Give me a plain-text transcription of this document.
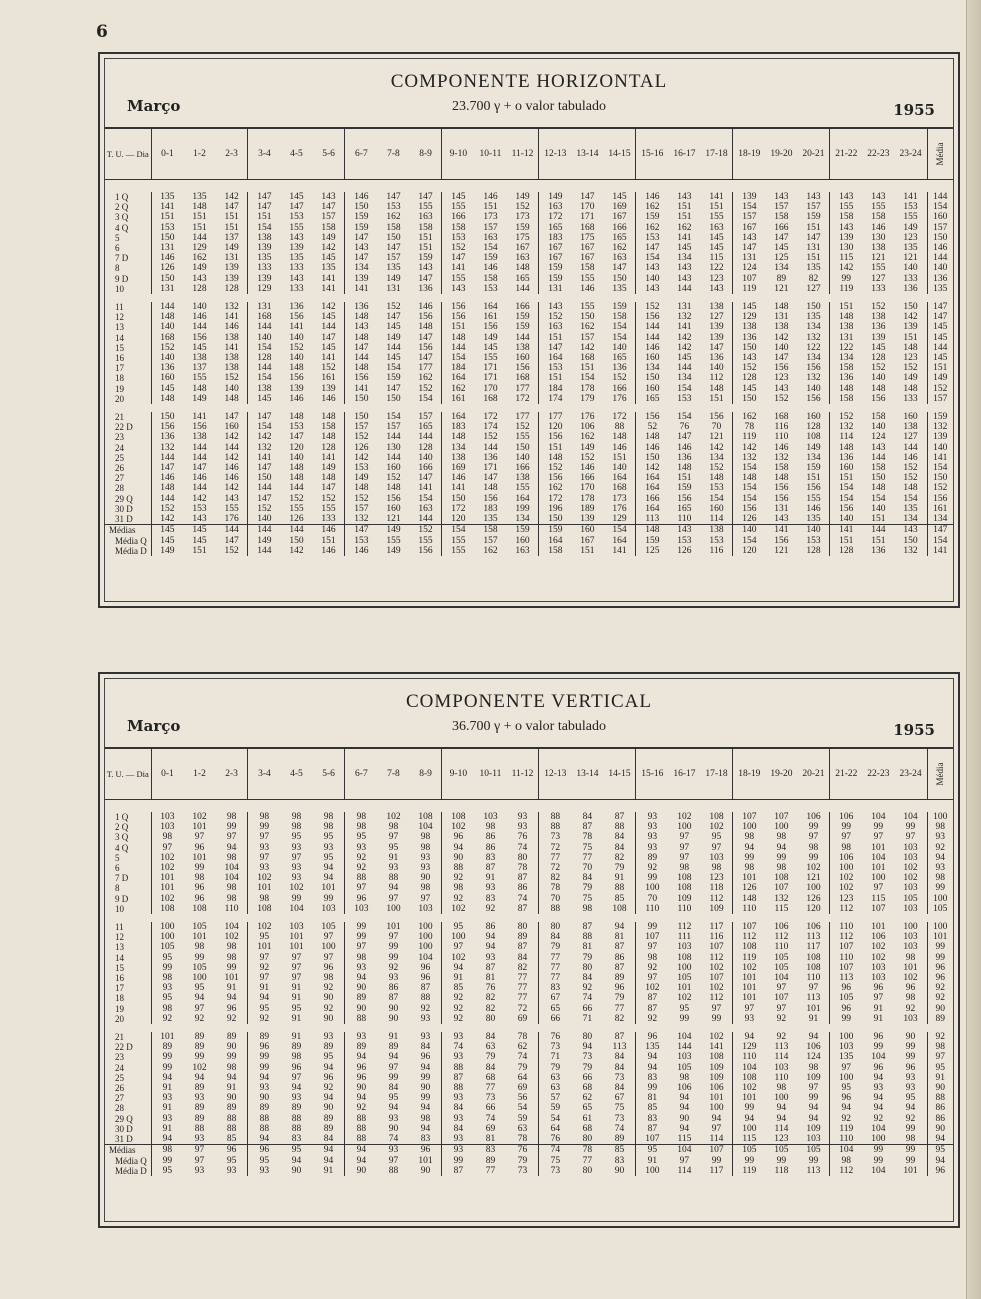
6
Março
COMPONENTE HORIZONTAL
23.700 γ + o valor tabulado	1955
T. U. — Dia	0-1	1-2	2-3	3-4	4-5	5-6	6-7	7-8	8-9	9-10	10-11	11-12	12-13	13-14	14-15	15-16	16-17	17-18	18-19	19-20	20-21	21-22	22-23	23-24	Média

1 Q	135	135	142	147	145	143	146	147	147	145	146	149	149	147	145	146	143	141	139	143	143	143	143	141	144
2 Q	141	148	147	147	147	147	150	153	155	155	151	152	163	170	169	162	151	151	154	157	157	155	155	153	154
3 Q	151	151	151	151	153	157	159	162	163	166	173	173	172	171	167	159	151	155	157	158	159	158	158	155	160
4 Q	153	151	151	154	155	158	159	158	158	158	157	159	165	168	166	162	162	163	167	166	151	143	146	149	157
5	150	144	137	138	143	149	147	150	151	153	163	175	183	175	165	153	141	145	143	147	147	139	130	123	150
6	131	129	149	139	139	142	143	147	151	152	154	167	167	167	162	147	145	145	147	145	131	130	138	135	146
7 D	146	162	131	135	135	145	147	157	159	147	159	163	167	167	163	154	134	115	131	125	151	115	121	121	144
8	126	149	139	133	133	135	134	135	143	141	146	148	159	158	147	143	143	122	124	134	135	142	155	140	140
9 D	150	143	139	139	143	141	139	149	147	155	158	165	159	155	150	140	143	123	107	89	82	99	127	133	136
10	131	128	128	129	133	141	141	131	136	143	153	144	131	146	135	143	144	143	119	121	127	119	133	136	135

11	144	140	132	131	136	142	136	152	146	156	164	166	143	155	159	152	131	138	145	148	150	151	152	150	147
12	148	146	141	168	156	145	148	147	156	156	161	159	152	150	158	156	132	127	129	131	135	148	138	142	147
13	140	144	146	144	141	144	143	145	148	151	156	159	163	162	154	144	141	139	138	138	134	138	136	139	145
14	168	156	138	140	140	147	148	149	147	148	149	144	151	157	154	144	142	139	136	142	132	131	139	151	145
15	152	145	141	154	152	145	147	144	156	144	145	138	147	142	140	146	142	147	150	140	122	122	145	148	144
16	140	138	138	128	140	141	144	145	147	154	155	160	164	168	165	160	145	136	143	147	134	134	128	123	145
17	136	137	138	144	148	152	148	154	177	184	171	156	153	151	136	134	144	140	152	156	156	158	152	152	151
18	160	155	152	154	156	161	156	159	162	164	171	168	151	154	152	150	134	112	128	123	132	136	140	149	149
19	145	148	140	138	139	139	141	147	152	162	170	177	184	178	166	160	154	148	145	143	140	148	148	148	152
20	148	149	148	145	146	146	150	150	154	161	168	172	174	179	176	165	153	151	150	152	156	158	156	133	157

21	150	141	147	147	148	148	150	154	157	164	172	177	177	176	172	156	154	156	162	168	160	152	158	160	159
22 D	156	156	160	154	153	158	157	157	165	183	174	152	120	106	88	52	76	70	78	116	128	132	140	138	132
23	136	138	142	142	147	148	152	144	144	148	152	155	156	162	148	148	147	121	119	110	108	114	124	127	139
24	132	144	144	132	120	128	126	130	128	134	144	150	151	149	146	146	146	142	142	146	149	148	143	144	140
25	144	144	142	141	140	141	142	144	140	138	136	140	148	152	151	150	136	134	132	132	134	136	144	146	141
26	147	147	146	147	148	149	153	160	166	169	171	166	152	146	140	142	148	152	154	158	159	160	158	152	154
27	146	146	146	150	148	148	149	152	147	146	147	138	156	166	164	164	151	148	148	148	151	151	150	152	150
28	148	144	142	144	144	147	148	148	141	141	148	155	162	170	168	164	159	153	154	156	156	154	148	148	152
29 Q	144	142	143	147	152	152	152	156	154	150	156	164	172	178	173	166	156	154	154	156	155	154	154	154	156
30 D	152	153	155	152	155	155	157	160	163	172	183	199	196	189	176	164	165	160	156	131	146	156	140	135	161
31 D	142	143	176	140	126	133	132	121	144	120	135	134	150	139	129	113	110	114	126	143	135	140	151	134	134
Médias	145	145	144	144	144	146	147	149	152	154	158	159	159	160	154	148	143	138	140	141	140	141	144	143	147
Média Q	145	145	147	149	150	151	153	155	155	155	157	160	164	167	164	159	153	153	154	156	153	151	151	150	154
Média D	149	151	152	144	142	146	146	149	156	155	162	163	158	151	141	125	126	116	120	121	128	128	136	132	141
Março
COMPONENTE VERTICAL
36.700 γ + o valor tabulado	1955
T. U. — Dia	0-1	1-2	2-3	3-4	4-5	5-6	6-7	7-8	8-9	9-10	10-11	11-12	12-13	13-14	14-15	15-16	16-17	17-18	18-19	19-20	20-21	21-22	22-23	23-24	Média

1 Q	103	102	98	98	98	98	98	102	108	108	103	93	88	84	87	93	102	108	107	107	106	106	104	104	100
2 Q	103	101	99	99	98	98	98	98	104	102	98	93	88	87	88	93	100	102	100	100	99	99	99	99	98
3 Q	98	97	97	97	95	95	95	97	98	96	86	76	73	78	84	93	97	95	98	98	97	97	97	97	93
4 Q	97	96	94	93	93	93	93	95	98	94	86	74	72	75	84	93	97	97	94	94	98	98	101	103	92
5	102	101	98	97	97	95	92	91	93	90	83	80	77	77	82	89	97	103	99	99	99	106	104	103	94
6	102	99	104	93	93	94	92	93	93	88	87	78	72	70	79	92	98	98	98	98	102	100	101	102	93
7 D	101	98	104	102	93	94	88	88	90	92	91	87	82	84	91	99	108	123	101	108	121	102	100	102	98
8	101	96	98	101	102	101	97	94	98	98	93	86	78	79	88	100	108	118	126	107	100	102	97	103	99
9 D	102	96	98	98	99	99	96	97	97	92	83	74	70	75	85	70	109	112	148	132	126	123	115	105	100
10	108	108	110	108	104	103	103	100	103	102	92	87	88	98	108	110	110	109	110	115	120	112	107	103	105

11	100	105	104	102	103	105	99	101	100	95	86	80	80	87	94	99	112	117	107	106	106	110	101	100	100
12	100	101	102	95	101	97	99	97	100	100	94	89	84	88	81	107	111	116	112	112	113	112	106	103	101
13	105	98	98	101	101	100	97	99	100	97	94	87	79	81	87	97	103	107	108	110	117	107	102	103	99
14	95	99	98	97	97	97	98	99	104	102	93	84	77	79	86	98	108	112	119	105	108	110	102	98	99
15	99	105	99	92	97	96	93	92	96	94	87	82	77	80	87	92	100	102	102	105	108	107	103	101	96
16	98	100	101	97	97	98	94	93	96	91	81	77	77	84	89	97	105	107	101	104	110	113	103	102	96
17	93	95	91	91	91	92	90	86	87	85	76	77	83	92	96	102	101	102	101	97	97	96	96	96	92
18	95	94	94	94	91	90	89	87	88	92	82	77	67	74	79	87	102	112	101	107	113	105	97	98	92
19	98	97	96	95	95	92	90	90	92	92	82	72	65	66	77	87	95	97	97	97	101	96	91	92	90
20	92	92	92	92	91	90	88	90	93	92	80	69	66	71	82	92	99	99	93	92	91	99	91	103	89

21	101	89	89	89	91	93	93	91	93	93	84	78	76	80	87	96	104	102	94	92	94	100	96	90	92
22 D	89	89	90	96	89	89	89	89	84	74	63	62	73	94	113	135	144	141	129	113	106	103	99	99	98
23	99	99	99	99	98	95	94	94	96	93	79	74	71	73	84	94	103	108	110	114	124	135	104	99	97
24	99	102	98	99	96	94	96	97	94	88	84	79	79	79	84	94	105	109	104	103	98	97	96	96	95
25	94	94	94	94	97	96	96	99	99	87	68	64	63	66	73	83	98	109	108	110	109	100	94	93	91
26	91	89	91	93	94	92	90	84	90	88	77	69	63	68	84	99	106	106	102	98	97	95	93	93	90
27	93	93	90	90	93	94	94	95	99	93	73	56	57	62	67	81	94	101	101	100	99	96	94	95	88
28	91	89	89	89	89	90	92	94	94	84	66	54	59	65	75	85	94	100	99	94	94	94	94	94	86
29 Q	93	89	88	88	88	89	88	93	98	93	74	59	54	61	73	83	90	94	94	94	94	92	92	92	86
30 D	91	88	88	88	88	89	88	90	94	84	69	63	64	68	74	87	94	97	100	114	109	119	104	99	90
31 D	94	93	85	94	83	84	88	74	83	93	81	78	76	80	89	107	115	114	115	123	103	110	100	98	94
Médias	98	97	96	96	95	94	94	93	96	93	83	76	74	78	85	95	104	107	105	105	105	104	99	99	95
Média Q	99	97	95	95	94	94	94	97	101	99	89	79	75	77	83	91	97	99	99	99	99	98	99	99	94
Média D	95	93	93	93	90	91	90	88	90	87	77	73	73	80	90	100	114	117	119	118	113	112	104	101	96
